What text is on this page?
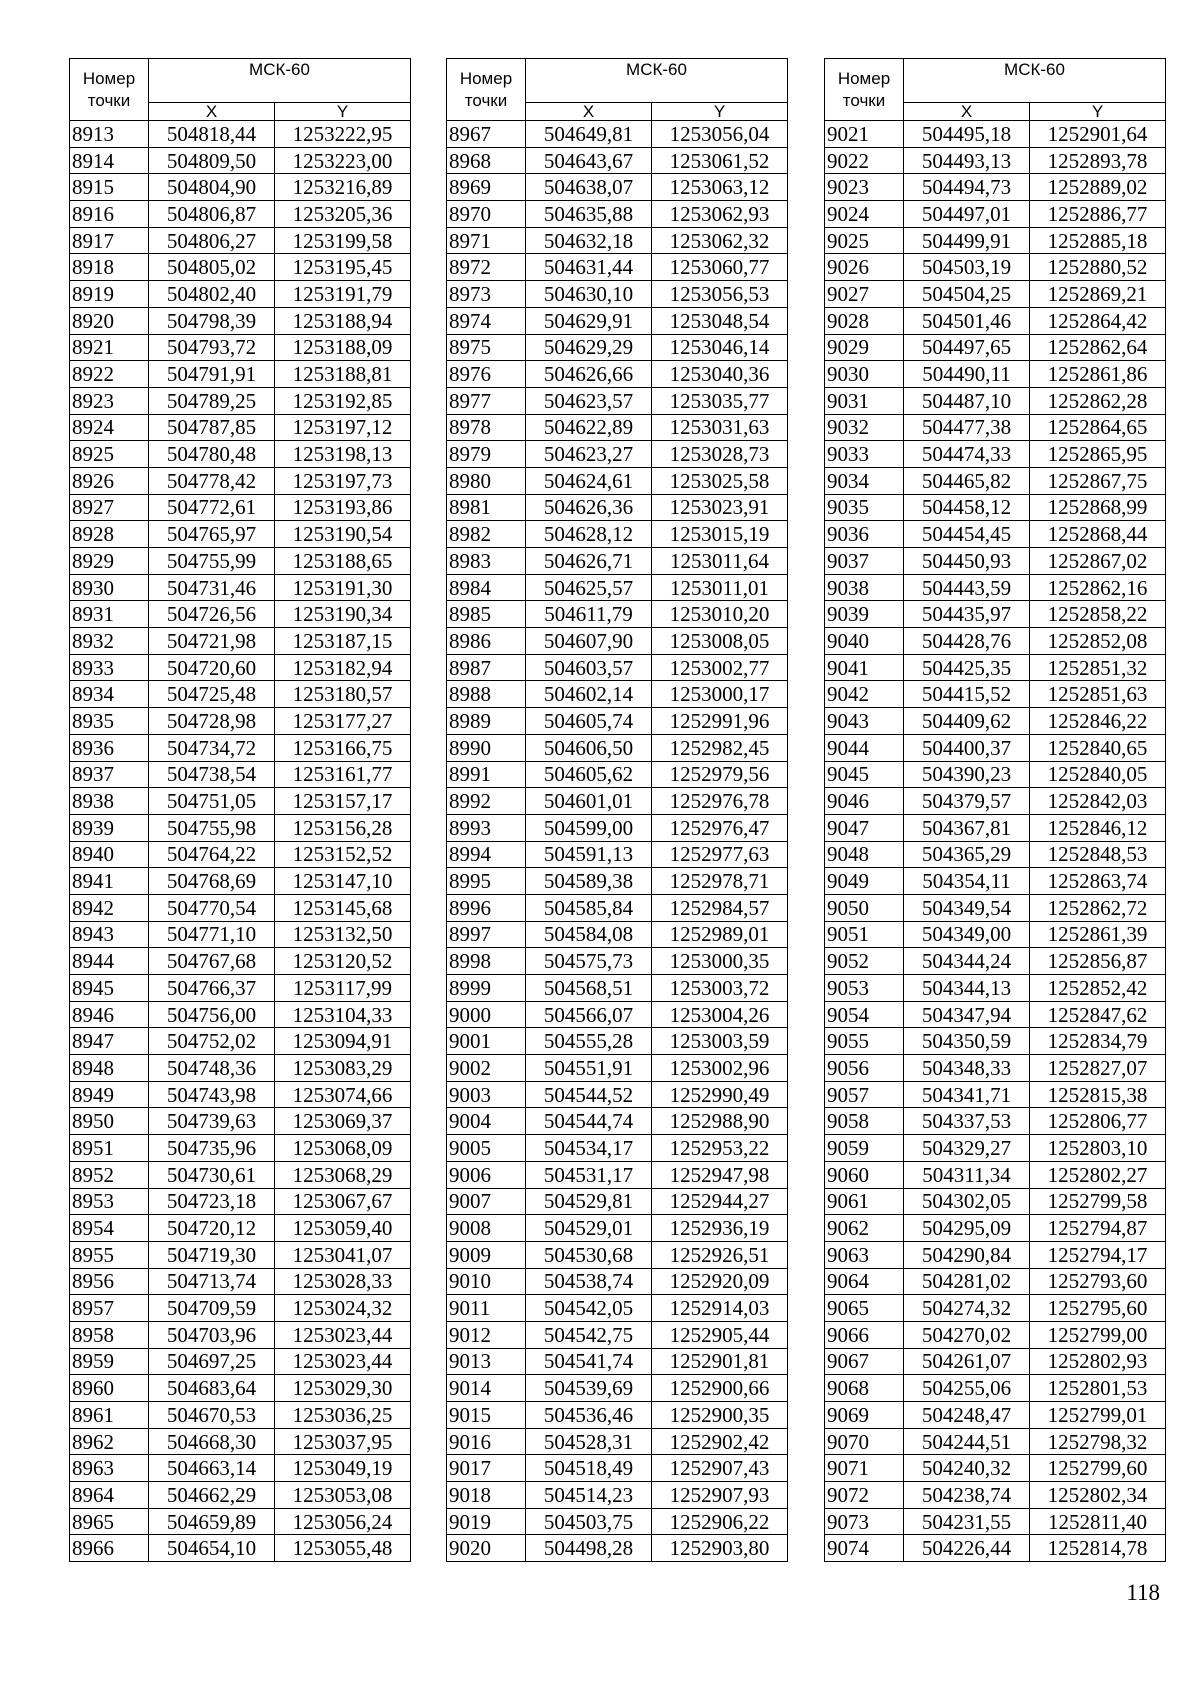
Номер точки	МСК-60	
	X	Y
8913	504818,44	1253222,95
8914	504809,50	1253223,00
8915	504804,90	1253216,89
8916	504806,87	1253205,36
8917	504806,27	1253199,58
8918	504805,02	1253195,45
8919	504802,40	1253191,79
8920	504798,39	1253188,94
8921	504793,72	1253188,09
8922	504791,91	1253188,81
8923	504789,25	1253192,85
8924	504787,85	1253197,12
8925	504780,48	1253198,13
8926	504778,42	1253197,73
8927	504772,61	1253193,86
8928	504765,97	1253190,54
8929	504755,99	1253188,65
8930	504731,46	1253191,30
8931	504726,56	1253190,34
8932	504721,98	1253187,15
8933	504720,60	1253182,94
8934	504725,48	1253180,57
8935	504728,98	1253177,27
8936	504734,72	1253166,75
8937	504738,54	1253161,77
8938	504751,05	1253157,17
8939	504755,98	1253156,28
8940	504764,22	1253152,52
8941	504768,69	1253147,10
8942	504770,54	1253145,68
8943	504771,10	1253132,50
8944	504767,68	1253120,52
8945	504766,37	1253117,99
8946	504756,00	1253104,33
8947	504752,02	1253094,91
8948	504748,36	1253083,29
8949	504743,98	1253074,66
8950	504739,63	1253069,37
8951	504735,96	1253068,09
8952	504730,61	1253068,29
8953	504723,18	1253067,67
8954	504720,12	1253059,40
8955	504719,30	1253041,07
8956	504713,74	1253028,33
8957	504709,59	1253024,32
8958	504703,96	1253023,44
8959	504697,25	1253023,44
8960	504683,64	1253029,30
8961	504670,53	1253036,25
8962	504668,30	1253037,95
8963	504663,14	1253049,19
8964	504662,29	1253053,08
8965	504659,89	1253056,24
8966	504654,10	1253055,48
Номер точки	МСК-60	
	X	Y
8967	504649,81	1253056,04
8968	504643,67	1253061,52
8969	504638,07	1253063,12
8970	504635,88	1253062,93
8971	504632,18	1253062,32
8972	504631,44	1253060,77
8973	504630,10	1253056,53
8974	504629,91	1253048,54
8975	504629,29	1253046,14
8976	504626,66	1253040,36
8977	504623,57	1253035,77
8978	504622,89	1253031,63
8979	504623,27	1253028,73
8980	504624,61	1253025,58
8981	504626,36	1253023,91
8982	504628,12	1253015,19
8983	504626,71	1253011,64
8984	504625,57	1253011,01
8985	504611,79	1253010,20
8986	504607,90	1253008,05
8987	504603,57	1253002,77
8988	504602,14	1253000,17
8989	504605,74	1252991,96
8990	504606,50	1252982,45
8991	504605,62	1252979,56
8992	504601,01	1252976,78
8993	504599,00	1252976,47
8994	504591,13	1252977,63
8995	504589,38	1252978,71
8996	504585,84	1252984,57
8997	504584,08	1252989,01
8998	504575,73	1253000,35
8999	504568,51	1253003,72
9000	504566,07	1253004,26
9001	504555,28	1253003,59
9002	504551,91	1253002,96
9003	504544,52	1252990,49
9004	504544,74	1252988,90
9005	504534,17	1252953,22
9006	504531,17	1252947,98
9007	504529,81	1252944,27
9008	504529,01	1252936,19
9009	504530,68	1252926,51
9010	504538,74	1252920,09
9011	504542,05	1252914,03
9012	504542,75	1252905,44
9013	504541,74	1252901,81
9014	504539,69	1252900,66
9015	504536,46	1252900,35
9016	504528,31	1252902,42
9017	504518,49	1252907,43
9018	504514,23	1252907,93
9019	504503,75	1252906,22
9020	504498,28	1252903,80
Номер точки	МСК-60	
	X	Y
9021	504495,18	1252901,64
9022	504493,13	1252893,78
9023	504494,73	1252889,02
9024	504497,01	1252886,77
9025	504499,91	1252885,18
9026	504503,19	1252880,52
9027	504504,25	1252869,21
9028	504501,46	1252864,42
9029	504497,65	1252862,64
9030	504490,11	1252861,86
9031	504487,10	1252862,28
9032	504477,38	1252864,65
9033	504474,33	1252865,95
9034	504465,82	1252867,75
9035	504458,12	1252868,99
9036	504454,45	1252868,44
9037	504450,93	1252867,02
9038	504443,59	1252862,16
9039	504435,97	1252858,22
9040	504428,76	1252852,08
9041	504425,35	1252851,32
9042	504415,52	1252851,63
9043	504409,62	1252846,22
9044	504400,37	1252840,65
9045	504390,23	1252840,05
9046	504379,57	1252842,03
9047	504367,81	1252846,12
9048	504365,29	1252848,53
9049	504354,11	1252863,74
9050	504349,54	1252862,72
9051	504349,00	1252861,39
9052	504344,24	1252856,87
9053	504344,13	1252852,42
9054	504347,94	1252847,62
9055	504350,59	1252834,79
9056	504348,33	1252827,07
9057	504341,71	1252815,38
9058	504337,53	1252806,77
9059	504329,27	1252803,10
9060	504311,34	1252802,27
9061	504302,05	1252799,58
9062	504295,09	1252794,87
9063	504290,84	1252794,17
9064	504281,02	1252793,60
9065	504274,32	1252795,60
9066	504270,02	1252799,00
9067	504261,07	1252802,93
9068	504255,06	1252801,53
9069	504248,47	1252799,01
9070	504244,51	1252798,32
9071	504240,32	1252799,60
9072	504238,74	1252802,34
9073	504231,55	1252811,40
9074	504226,44	1252814,78
118
